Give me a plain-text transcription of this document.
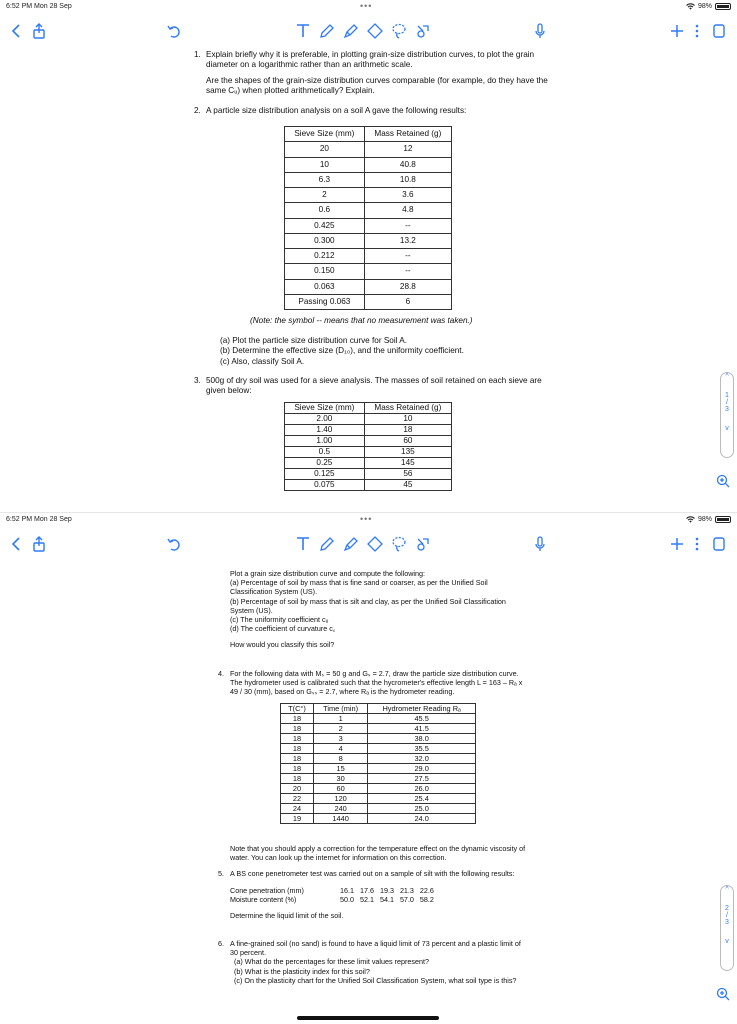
6:52 PM Mon 28 Sep	•••	98%
1. Explain briefly why it is preferable, in plotting grain-size distribution curves, to plot the grain diameter on a logarithmic rather than an arithmetic scale.

Are the shapes of the grain-size distribution curves comparable (for example, do they have the same Cᵤ) when plotted arithmetically? Explain.

2. A particle size distribution analysis on a soil A gave the following results:

Sieve Size (mm)	Mass Retained (g)
20	12
10	40.8
6.3	10.8
2	3.6
0.6	4.8
0.425	--
0.300	13.2
0.212	--
0.150	--
0.063	28.8
Passing 0.063	6
(Note: the symbol -- means that no measurement was taken.)
(a) Plot the particle size distribution curve for Soil A.
(b) Determine the effective size (D₁₀), and the uniformity coefficient.
(c) Also, classify Soil A.
3. 500g of dry soil was used for a sieve analysis. The masses of soil retained on each sieve are given below:

Sieve Size (mm)	Mass Retained (g)
2.00	10
1.40	18
1.00	60
0.5	135
0.25	145
0.125	56
0.075	45
^
1
/
3
v
6:52 PM Mon 28 Sep	•••	98%
Plot a grain size distribution curve and compute the following:
(a) Percentage of soil by mass that is fine sand or coarser, as per the Unified Soil Classification System (US).
(b) Percentage of soil by mass that is silt and clay, as per the Unified Soil Classification System (US).
(c) The uniformity coefficient cᵤ
(d) The coefficient of curvature c꜀
How would you classify this soil?
4. For the following data with Mₛ = 50 g and Gₛ = 2.7, draw the particle size distribution curve. The hydrometer used is calibrated such that the hycrometer's effective length L = 163 – Rₐ x 49 / 30 (mm), based on Gₛₛ = 2.7, where Rₐ is the hydrometer reading.
T(C°)	Time (min)	Hydrometer Reading Rₐ
18	1	45.5
18	2	41.5
18	3	38.0
18	4	35.5
18	8	32.0
18	15	29.0
18	30	27.5
20	60	26.0
22	120	25.4
24	240	25.0
19	1440	24.0
Note that you should apply a correction for the temperature effect on the dynamic viscosity of water. You can look up the internet for information on this correction.
5. A BS cone penetrometer test was carried out on a sample of silt with the following results:
Cone penetration (mm)	16.1   17.6   19.3   21.3   22.6
Moisture content (%)	50.0   52.1   54.1   57.0   58.2
Determine the liquid limit of the soil.
6. A fine-grained soil (no sand) is found to have a liquid limit of 73 percent and a plastic limit of 30 percent.
(a) What do the percentages for these limit values represent?
(b) What is the plasticity index for this soil?
(c) On the plasticity chart for the Unified Soil Classification System, what soil type is this?
^
2
/
3
v
